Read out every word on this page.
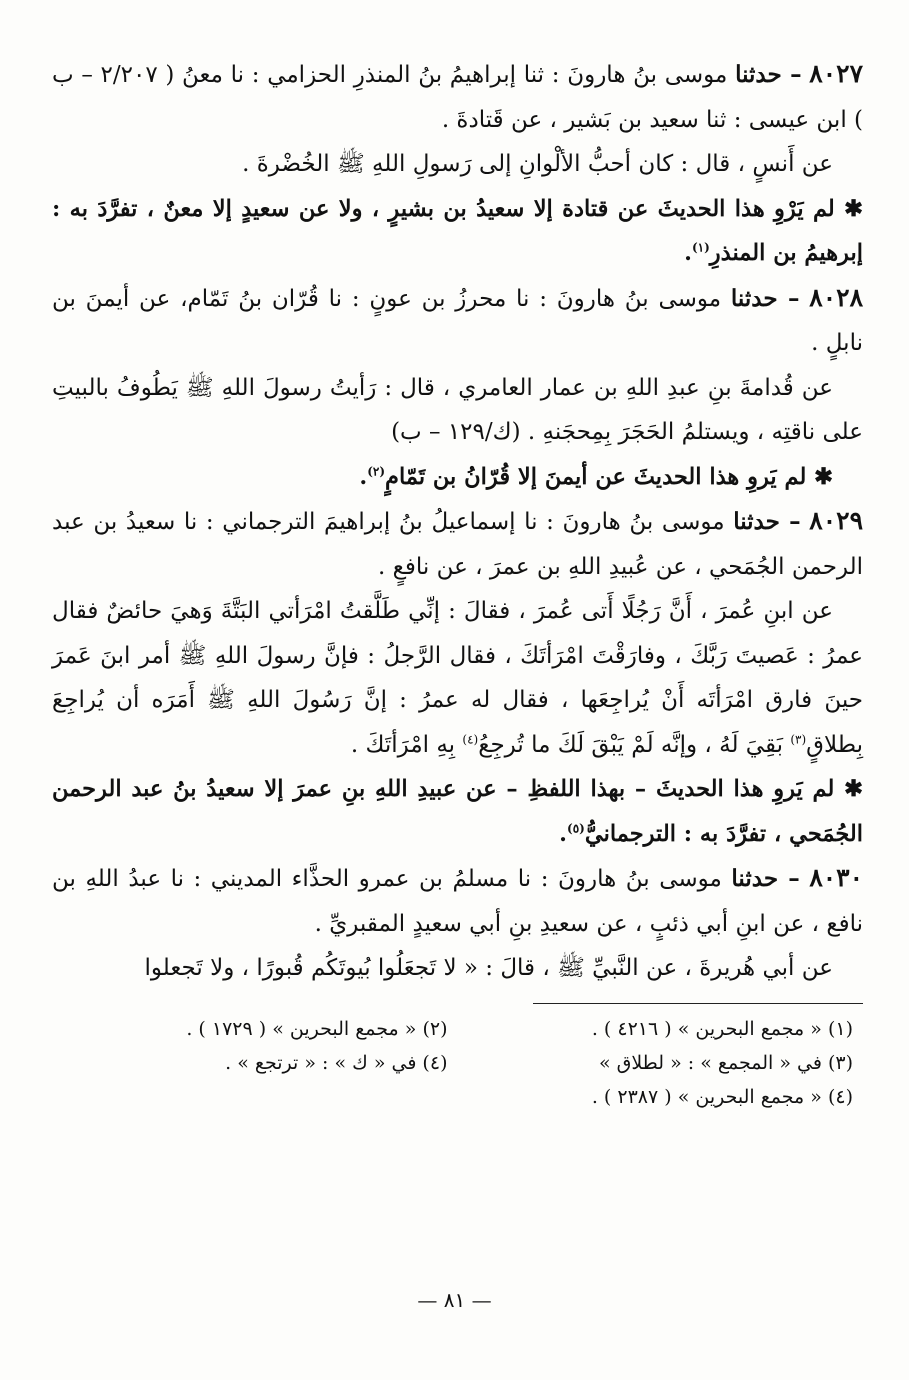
٨٠٢٧ – حدثنا موسى بنُ هارونَ : ثنا إبراهيمُ بنُ المنذرِ الحزامي : نا معنُ ( ٢/٢٠٧ – ب ) ابن عيسى : ثنا سعيد بن بَشير ، عن قَتادةَ .

عن أَنسٍ ، قال : كان أحبُّ الألْوانِ إلى رَسولِ اللهِ ﷺ الخُضْرةَ .

✱ لم يَرْوِ هذا الحديثَ عن قتادة إلا سعيدُ بن بشيرٍ ، ولا عن سعيدٍ إلا معنٌ ، تفرَّدَ به : إبرهيمُ بن المنذرِ$^{(١)}$.

٨٠٢٨ – حدثنا موسى بنُ هارونَ : نا محرزُ بن عونٍ : نا قُرّان بنُ تَمّام، عن أيمنَ بن نابلٍ .

عن قُدامةَ بنِ عبدِ اللهِ بن عمار العامري ، قال : رَأيتُ رسولَ اللهِ ﷺ يَطُوفُ بالبيتِ على ناقتِه ، ويستلمُ الحَجَرَ بِمِحجَنهِ . (ك/١٢٩ – ب)

✱ لم يَروِ هذا الحديثَ عن أيمنَ إلا قُرّانُ بن تَمّامٍ$^{(٢)}$.

٨٠٢٩ – حدثنا موسى بنُ هارونَ : نا إسماعيلُ بنُ إبراهيمَ الترجماني : نا سعيدُ بن عبد الرحمن الجُمَحي ، عن عُبيدِ اللهِ بن عمرَ ، عن نافعٍ .

عن ابنِ عُمرَ ، أَنَّ رَجُلًا أَتى عُمرَ ، فقالَ : إنِّي طَلَّقتُ امْرَأتي البَتَّةَ وَهيَ حائضٌ فقال عمرُ : عَصيتَ رَبَّكَ ، وفارَقْتَ امْرَأتَكَ ، فقال الرَّجلُ : فإنَّ رسولَ اللهِ ﷺ أمر ابنَ عَمرَ حينَ فارق امْرَأتَه أَنْ يُراجِعَها ، فقال له عمرُ : إنَّ رَسُولَ اللهِ ﷺ أَمَرَه أن يُراجِعَ بِطلاقٍ$^{(٣)}$ بَقِيَ لَهُ ، وإنَّه لَمْ يَبْقَ لَكَ ما تُرجِعُ$^{(٤)}$ بِهِ امْرَأتَكَ .

✱ لم يَروِ هذا الحديثَ – بهذا اللفظِ – عن عبيدِ اللهِ بنِ عمرَ إلا سعيدُ بنُ عبد الرحمن الجُمَحي ، تفرَّدَ به : الترجمانيُّ$^{(٥)}$.

٨٠٣٠ – حدثنا موسى بنُ هارونَ : نا مسلمُ بن عمرو الحذَّاء المديني : نا عبدُ اللهِ بن نافع ، عن ابنِ أبي ذئبٍ ، عن سعيدِ بنِ أبي سعيدٍ المقبريِّ .

عن أبي هُريرةَ ، عن النَّبيِّ ﷺ ، قالَ : « لا تَجعَلُوا بُيوتَكُم قُبورًا ، ولا تَجعلوا

(١) « مجمع البحرين » ( ٤٢١٦ ) .
(٢) « مجمع البحرين » ( ١٧٢٩ ) .
(٣) في « المجمع » : « لطلاق »
(٤) في « ك » : « ترتجع » .
(٤) « مجمع البحرين » ( ٢٣٨٧ ) .
— ٨١ —
